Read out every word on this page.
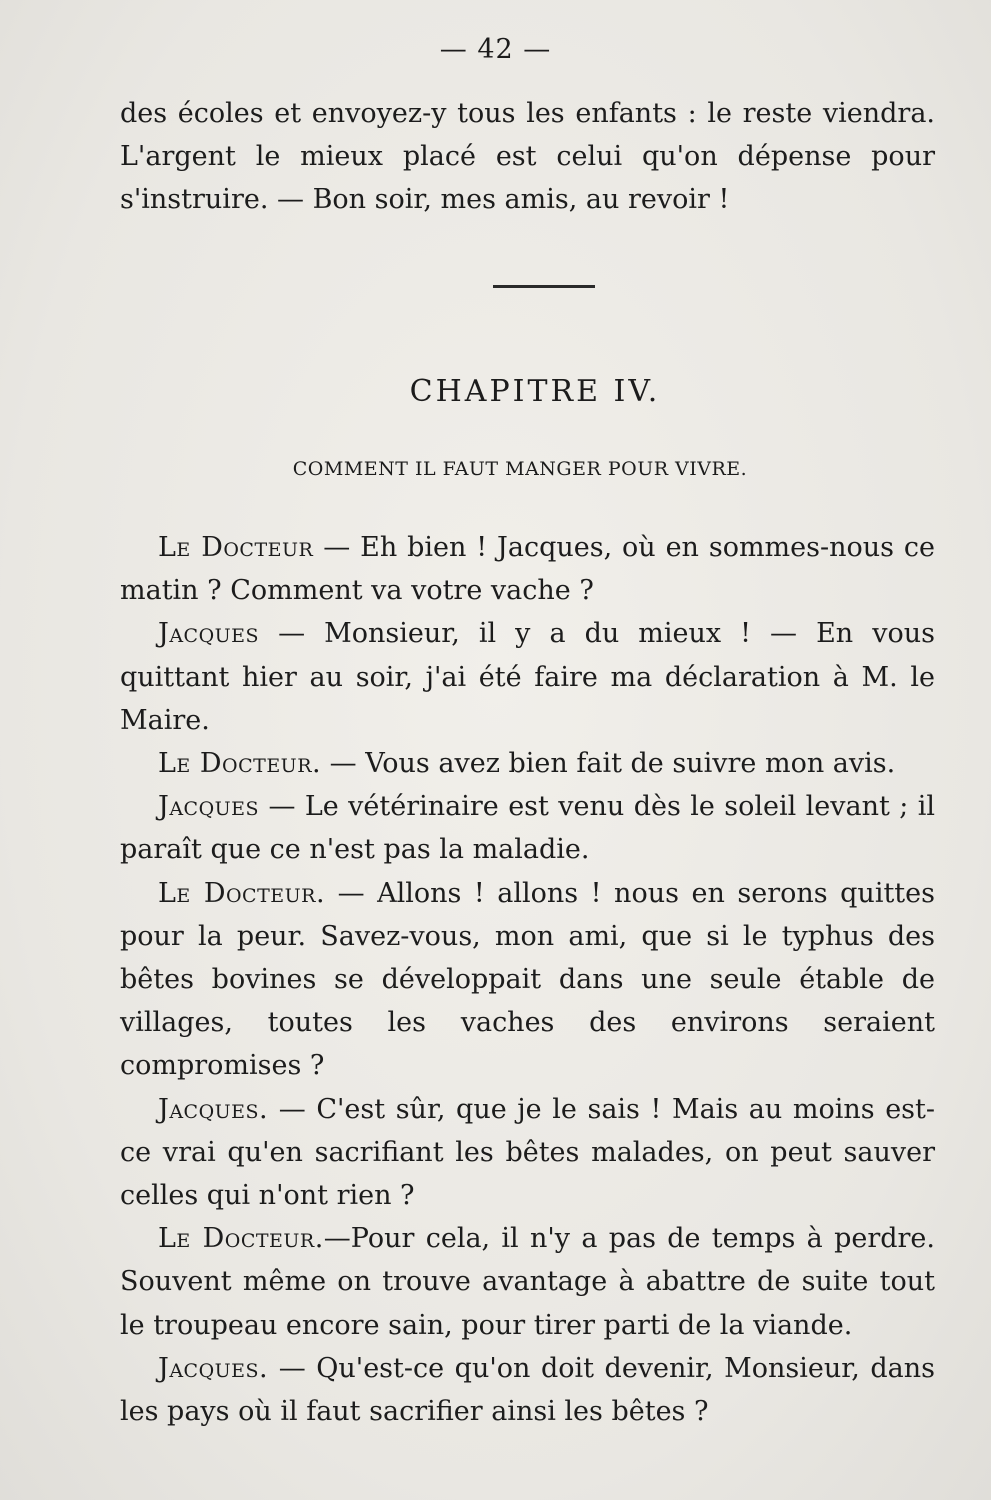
— 42 —

des écoles et envoyez-y tous les enfants : le reste viendra. L'argent le mieux placé est celui qu'on dépense pour s'instruire. — Bon soir, mes amis, au revoir !

CHAPITRE IV.
COMMENT IL FAUT MANGER POUR VIVRE.

Le Docteur — Eh bien ! Jacques, où en sommes-nous ce matin ? Comment va votre vache ?

Jacques — Monsieur, il y a du mieux ! — En vous quittant hier au soir, j'ai été faire ma déclaration à M. le Maire.

Le Docteur. — Vous avez bien fait de suivre mon avis.

Jacques — Le vétérinaire est venu dès le soleil levant ; il paraît que ce n'est pas la maladie.

Le Docteur. — Allons ! allons ! nous en serons quittes pour la peur. Savez-vous, mon ami, que si le typhus des bêtes bovines se développait dans une seule étable de villages, toutes les vaches des environs seraient compromises ?

Jacques. — C'est sûr, que je le sais ! Mais au moins est-ce vrai qu'en sacrifiant les bêtes malades, on peut sauver celles qui n'ont rien ?

Le Docteur.—Pour cela, il n'y a pas de temps à perdre. Souvent même on trouve avantage à abattre de suite tout le troupeau encore sain, pour tirer parti de la viande.

Jacques. — Qu'est-ce qu'on doit devenir, Monsieur, dans les pays où il faut sacrifier ainsi les bêtes ?
